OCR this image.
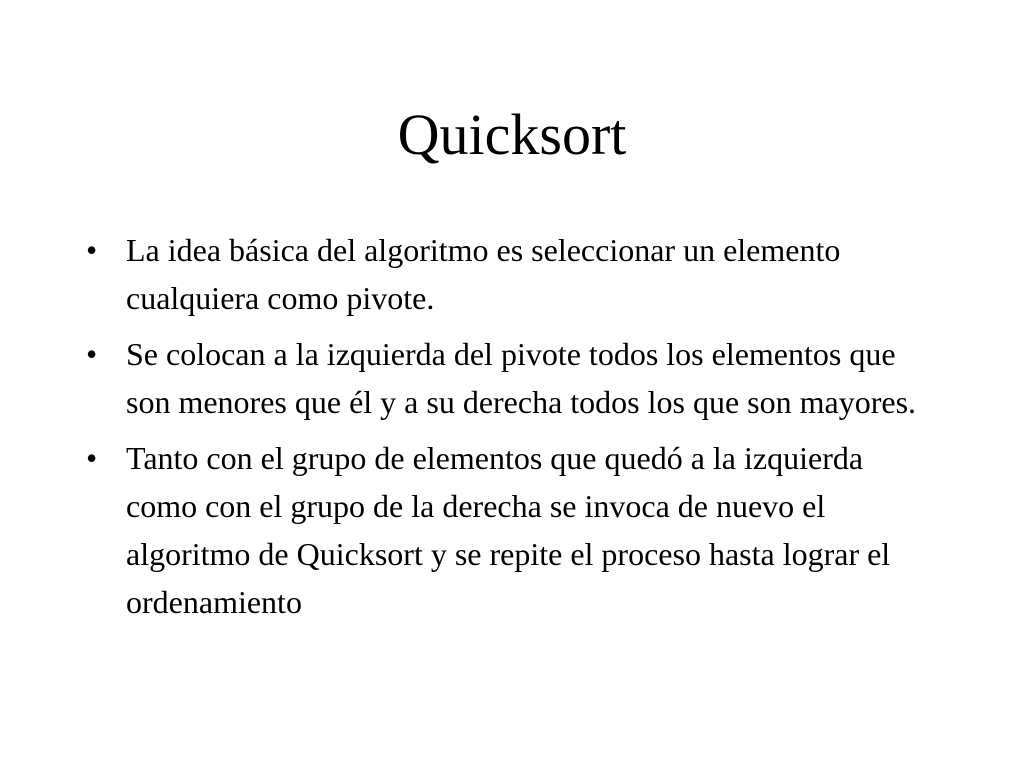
Quicksort
• La idea básica del algoritmo es seleccionar un elemento cualquiera como pivote.
• Se colocan a la izquierda del pivote todos los elementos que son menores que él y a su derecha todos los que son mayores.
• Tanto con el grupo de elementos que quedó a la izquierda como con el grupo de la derecha se invoca de nuevo el algoritmo de Quicksort y se repite el proceso hasta lograr el ordenamiento
